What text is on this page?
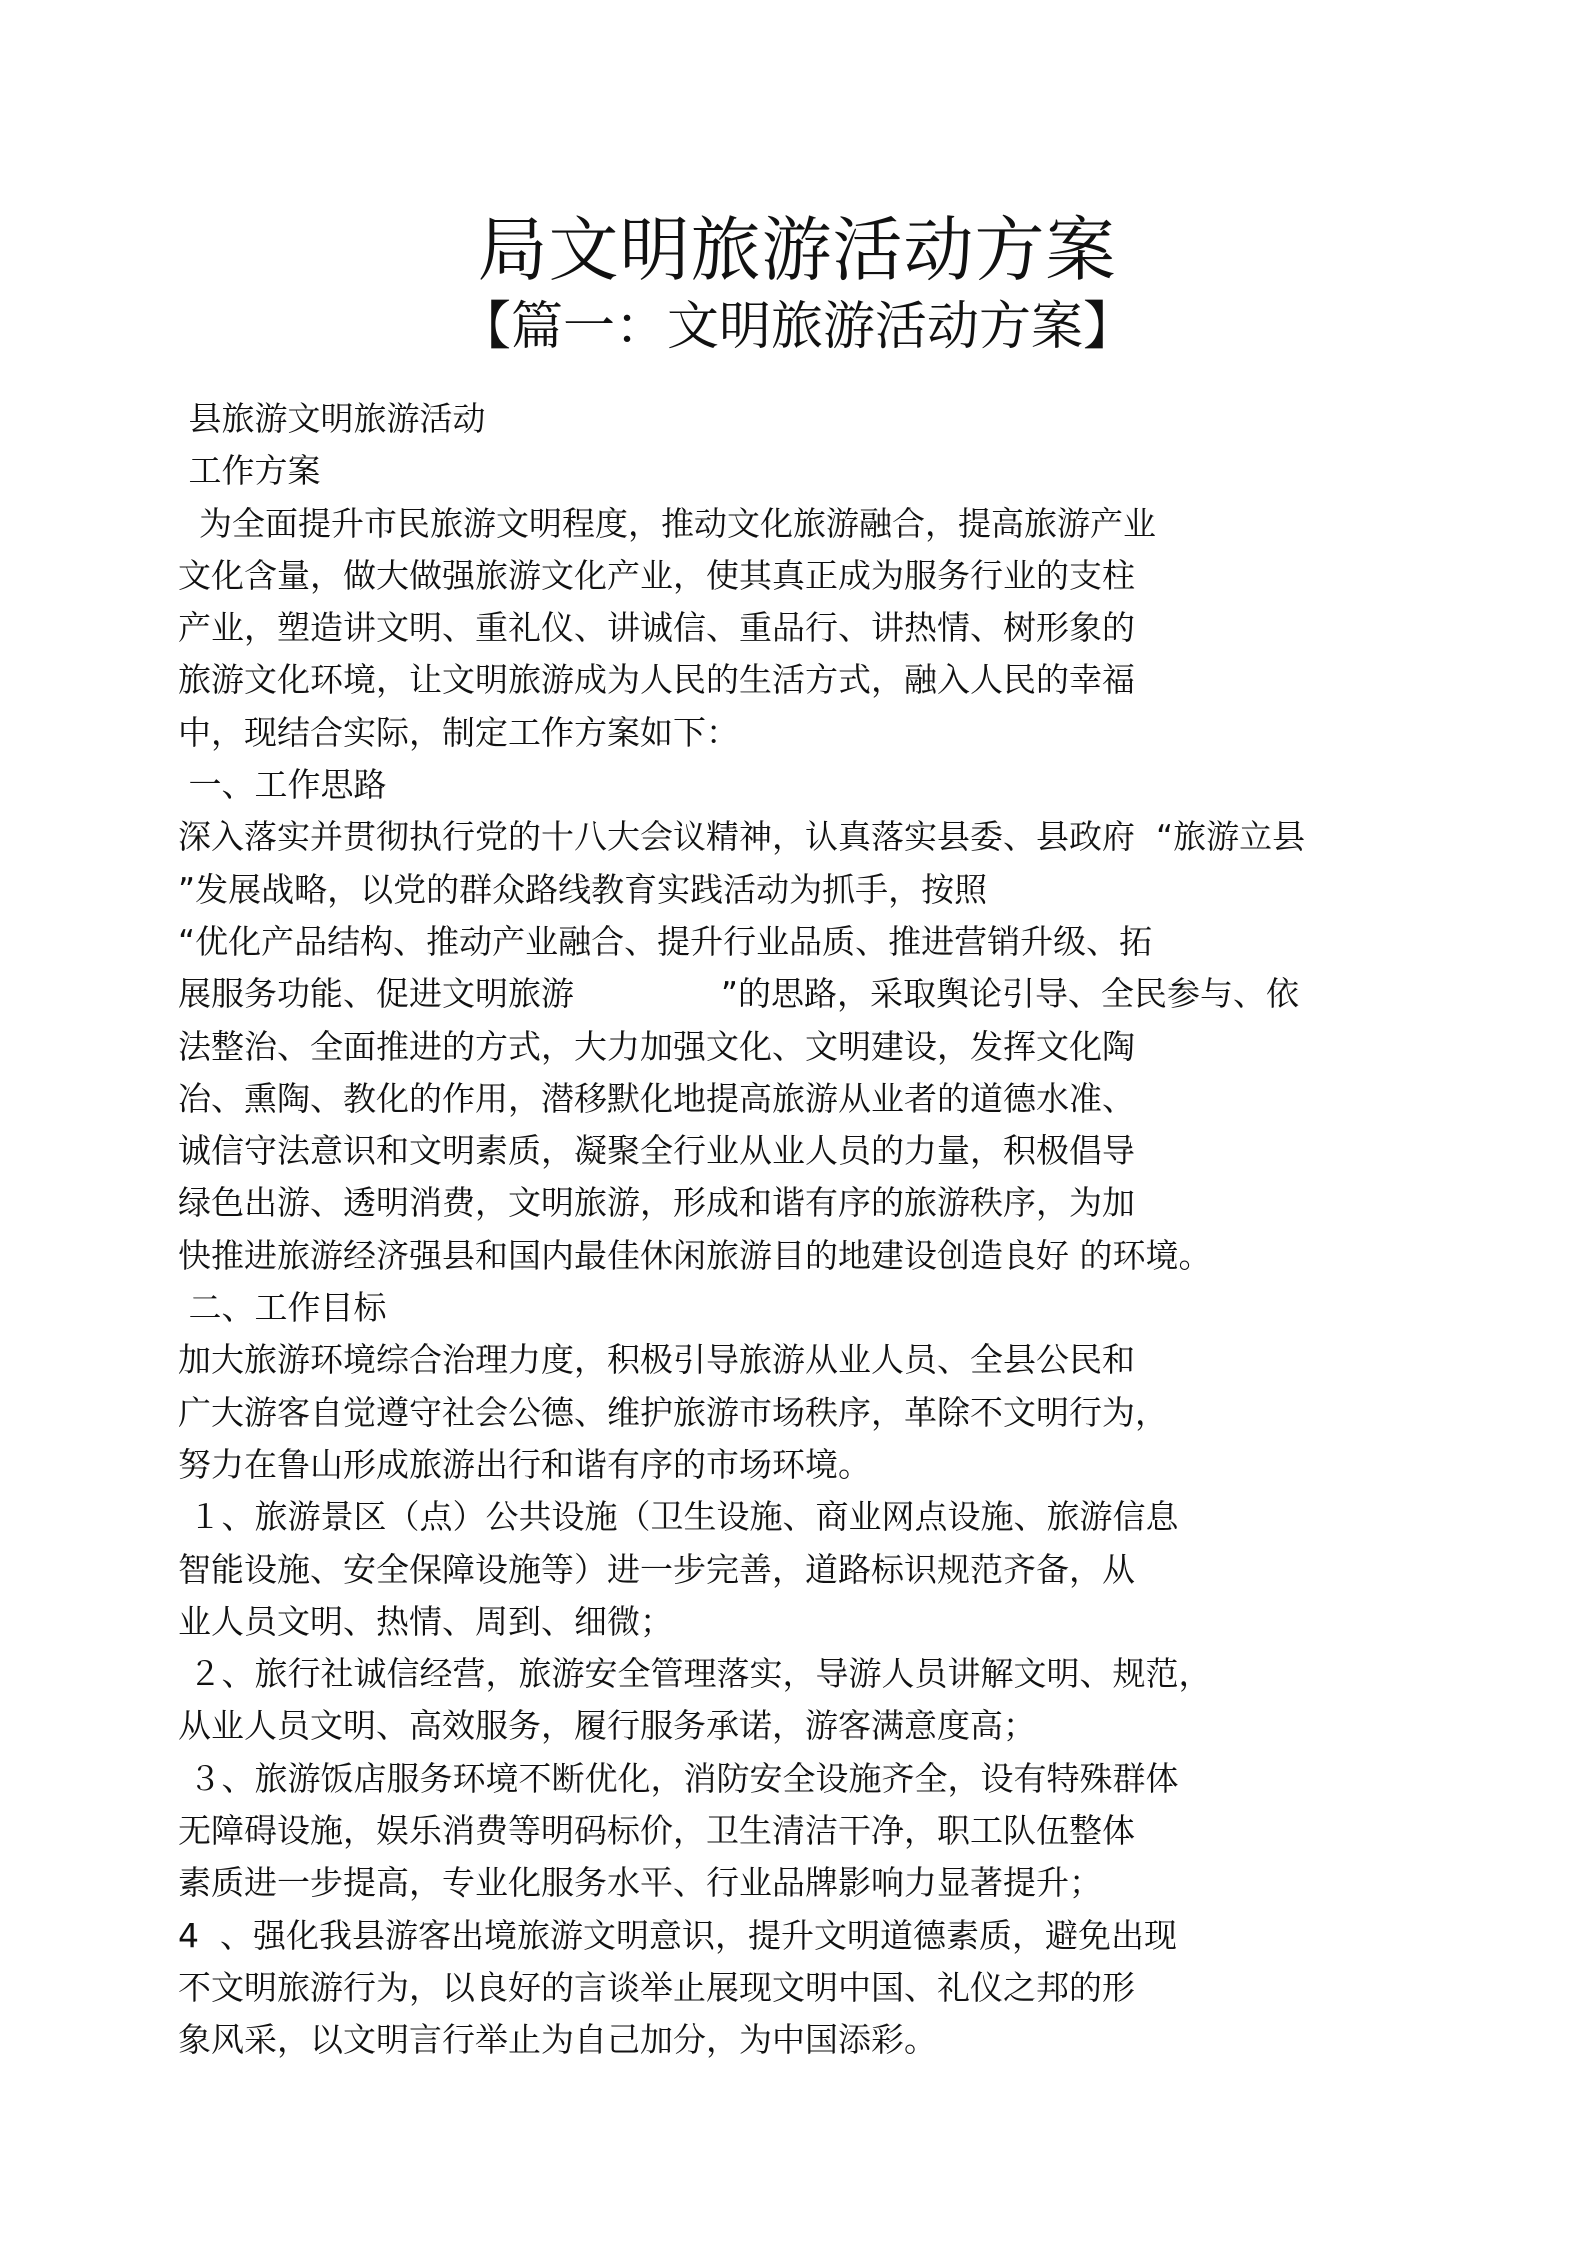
局文明旅游活动方案
【篇一：文明旅游活动方案】
县旅游文明旅游活动
工作方案
为全面提升市民旅游文明程度，推动文化旅游融合，提高旅游产业
文化含量，做大做强旅游文化产业，使其真正成为服务行业的支柱
产业，塑造讲文明、重礼仪、讲诚信、重品行、讲热情、树形象的
旅游文化环境，让文明旅游成为人民的生活方式，融入人民的幸福
中，现结合实际，制定工作方案如下：
一、工作思路
深入落实并贯彻执行党的十八大会议精神，认真落实县委、县政府  “旅游立县
”发展战略，以党的群众路线教育实践活动为抓手，按照
“优化产品结构、推动产业融合、提升行业品质、推进营销升级、拓
展服务功能、促进文明旅游              ”的思路，采取舆论引导、全民参与、依
法整治、全面推进的方式，大力加强文化、文明建设，发挥文化陶
冶、熏陶、教化的作用，潜移默化地提高旅游从业者的道德水准、
诚信守法意识和文明素质，凝聚全行业从业人员的力量，积极倡导
绿色出游、透明消费，文明旅游，形成和谐有序的旅游秩序，为加
快推进旅游经济强县和国内最佳休闲旅游目的地建设创造良好 的环境。
二、工作目标
加大旅游环境综合治理力度，积极引导旅游从业人员、全县公民和
广大游客自觉遵守社会公德、维护旅游市场秩序，革除不文明行为，
努力在鲁山形成旅游出行和谐有序的市场环境。
１、旅游景区（点）公共设施（卫生设施、商业网点设施、旅游信息
智能设施、安全保障设施等）进一步完善，道路标识规范齐备，从
业人员文明、热情、周到、细微；
２、旅行社诚信经营，旅游安全管理落实，导游人员讲解文明、规范，
从业人员文明、高效服务，履行服务承诺，游客满意度高；
３、旅游饭店服务环境不断优化，消防安全设施齐全，设有特殊群体
无障碍设施，娱乐消费等明码标价，卫生清洁干净，职工队伍整体
素质进一步提高，专业化服务水平、行业品牌影响力显著提升；
4  、强化我县游客出境旅游文明意识，提升文明道德素质，避免出现
不文明旅游行为，以良好的言谈举止展现文明中国、礼仪之邦的形
象风采，以文明言行举止为自己加分，为中国添彩。
